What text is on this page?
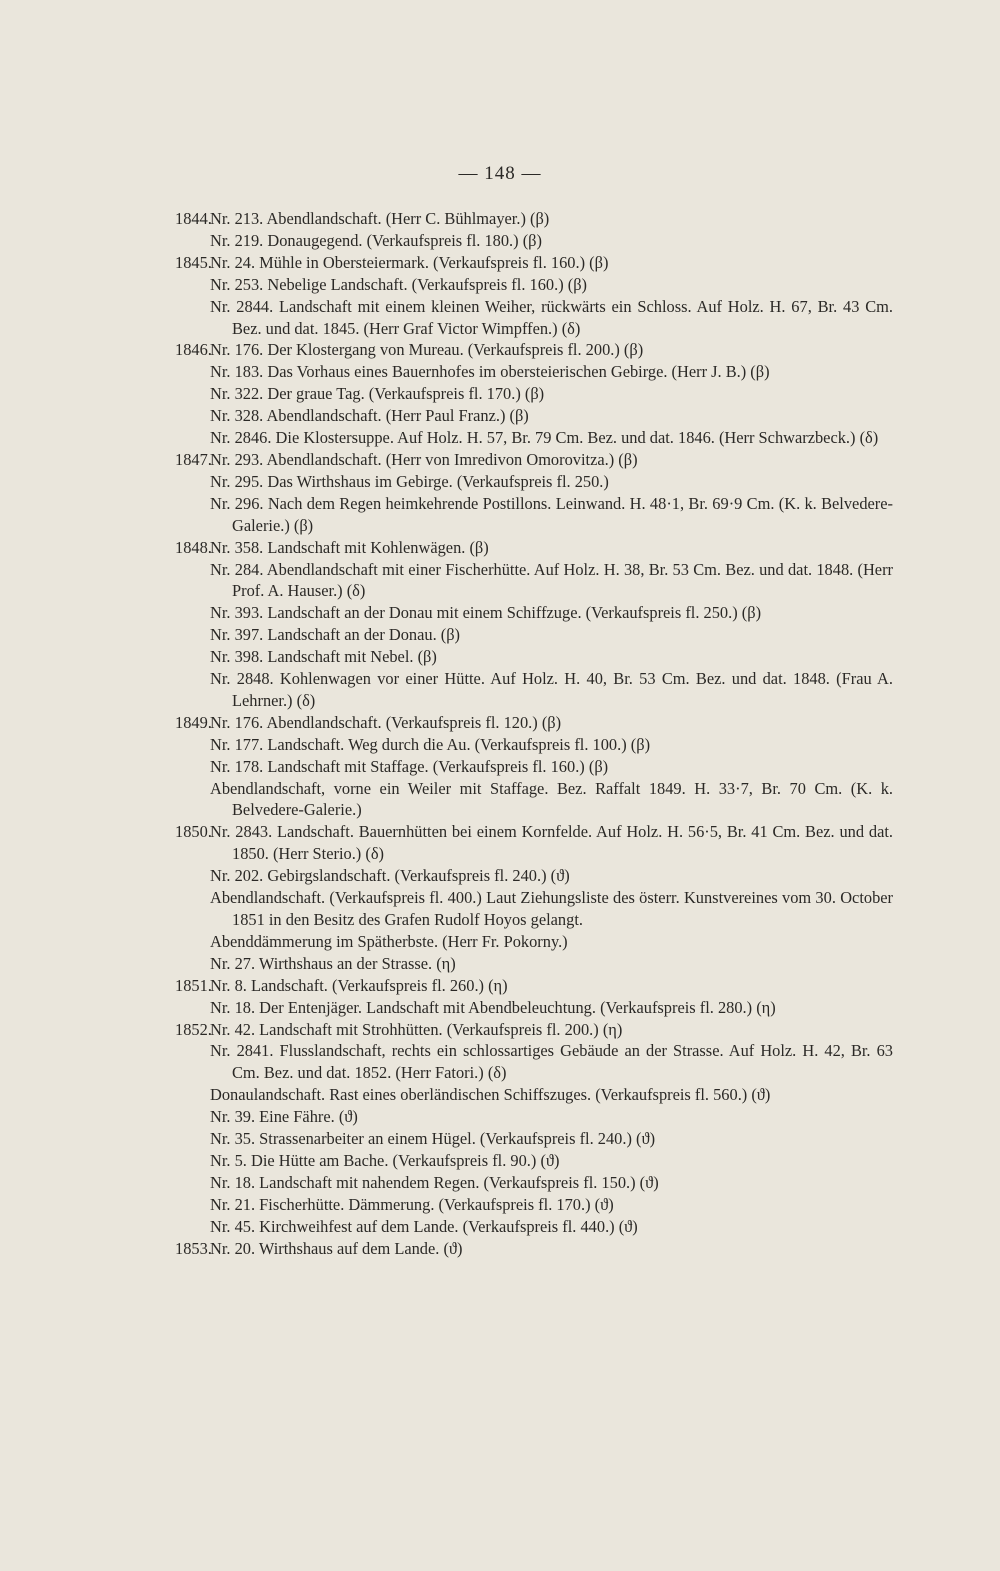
— 148 —

1844.
Nr. 213. Abendlandschaft. (Herr C. Bühlmayer.) (β)

Nr. 219. Donaugegend. (Verkaufspreis fl. 180.) (β)

1845.
Nr. 24. Mühle in Obersteiermark. (Verkaufspreis fl. 160.) (β)

Nr. 253. Nebelige Landschaft. (Verkaufspreis fl. 160.) (β)

Nr. 2844. Landschaft mit einem kleinen Weiher, rückwärts ein Schloss. Auf Holz. H. 67, Br. 43 Cm. Bez. und dat. 1845. (Herr Graf Victor Wimpffen.) (δ)

1846.
Nr. 176. Der Klostergang von Mureau. (Verkaufspreis fl. 200.) (β)

Nr. 183. Das Vorhaus eines Bauernhofes im obersteierischen Gebirge. (Herr J. B.) (β)

Nr. 322. Der graue Tag. (Verkaufspreis fl. 170.) (β)

Nr. 328. Abendlandschaft. (Herr Paul Franz.) (β)

Nr. 2846. Die Klostersuppe. Auf Holz. H. 57, Br. 79 Cm. Bez. und dat. 1846. (Herr Schwarzbeck.) (δ)

1847.
Nr. 293. Abendlandschaft. (Herr von Imredivon Omorovitza.) (β)

Nr. 295. Das Wirthshaus im Gebirge. (Verkaufspreis fl. 250.)

Nr. 296. Nach dem Regen heimkehrende Postillons. Leinwand. H. 48·1, Br. 69·9 Cm. (K. k. Belvedere-Galerie.) (β)

1848.
Nr. 358. Landschaft mit Kohlenwägen. (β)

Nr. 284. Abendlandschaft mit einer Fischerhütte. Auf Holz. H. 38, Br. 53 Cm. Bez. und dat. 1848. (Herr Prof. A. Hauser.) (δ)

Nr. 393. Landschaft an der Donau mit einem Schiffzuge. (Verkaufspreis fl. 250.) (β)

Nr. 397. Landschaft an der Donau. (β)

Nr. 398. Landschaft mit Nebel. (β)

Nr. 2848. Kohlenwagen vor einer Hütte. Auf Holz. H. 40, Br. 53 Cm. Bez. und dat. 1848. (Frau A. Lehrner.) (δ)

1849.
Nr. 176. Abendlandschaft. (Verkaufspreis fl. 120.) (β)

Nr. 177. Landschaft. Weg durch die Au. (Verkaufspreis fl. 100.) (β)

Nr. 178. Landschaft mit Staffage. (Verkaufspreis fl. 160.) (β)

Abendlandschaft, vorne ein Weiler mit Staffage. Bez. Raffalt 1849. H. 33·7, Br. 70 Cm. (K. k. Belvedere-Galerie.)

1850.
Nr. 2843. Landschaft. Bauernhütten bei einem Kornfelde. Auf Holz. H. 56·5, Br. 41 Cm. Bez. und dat. 1850. (Herr Sterio.) (δ)

Nr. 202. Gebirgslandschaft. (Verkaufspreis fl. 240.) (ϑ)

Abendlandschaft. (Verkaufspreis fl. 400.) Laut Ziehungsliste des österr. Kunstvereines vom 30. October 1851 in den Besitz des Grafen Rudolf Hoyos gelangt.

Abenddämmerung im Spätherbste. (Herr Fr. Pokorny.)

Nr. 27. Wirthshaus an der Strasse. (η)

1851.
Nr. 8. Landschaft. (Verkaufspreis fl. 260.) (η)

Nr. 18. Der Entenjäger. Landschaft mit Abendbeleuchtung. (Verkaufspreis fl. 280.) (η)

1852.
Nr. 42. Landschaft mit Strohhütten. (Verkaufspreis fl. 200.) (η)

Nr. 2841. Flusslandschaft, rechts ein schlossartiges Gebäude an der Strasse. Auf Holz. H. 42, Br. 63 Cm. Bez. und dat. 1852. (Herr Fatori.) (δ)

Donaulandschaft. Rast eines oberländischen Schiffszuges. (Verkaufspreis fl. 560.) (ϑ)

Nr. 39. Eine Fähre. (ϑ)

Nr. 35. Strassenarbeiter an einem Hügel. (Verkaufspreis fl. 240.) (ϑ)

Nr. 5. Die Hütte am Bache. (Verkaufspreis fl. 90.) (ϑ)

Nr. 18. Landschaft mit nahendem Regen. (Verkaufspreis fl. 150.) (ϑ)

Nr. 21. Fischerhütte. Dämmerung. (Verkaufspreis fl. 170.) (ϑ)

Nr. 45. Kirchweihfest auf dem Lande. (Verkaufspreis fl. 440.) (ϑ)

1853.
Nr. 20. Wirthshaus auf dem Lande. (ϑ)
